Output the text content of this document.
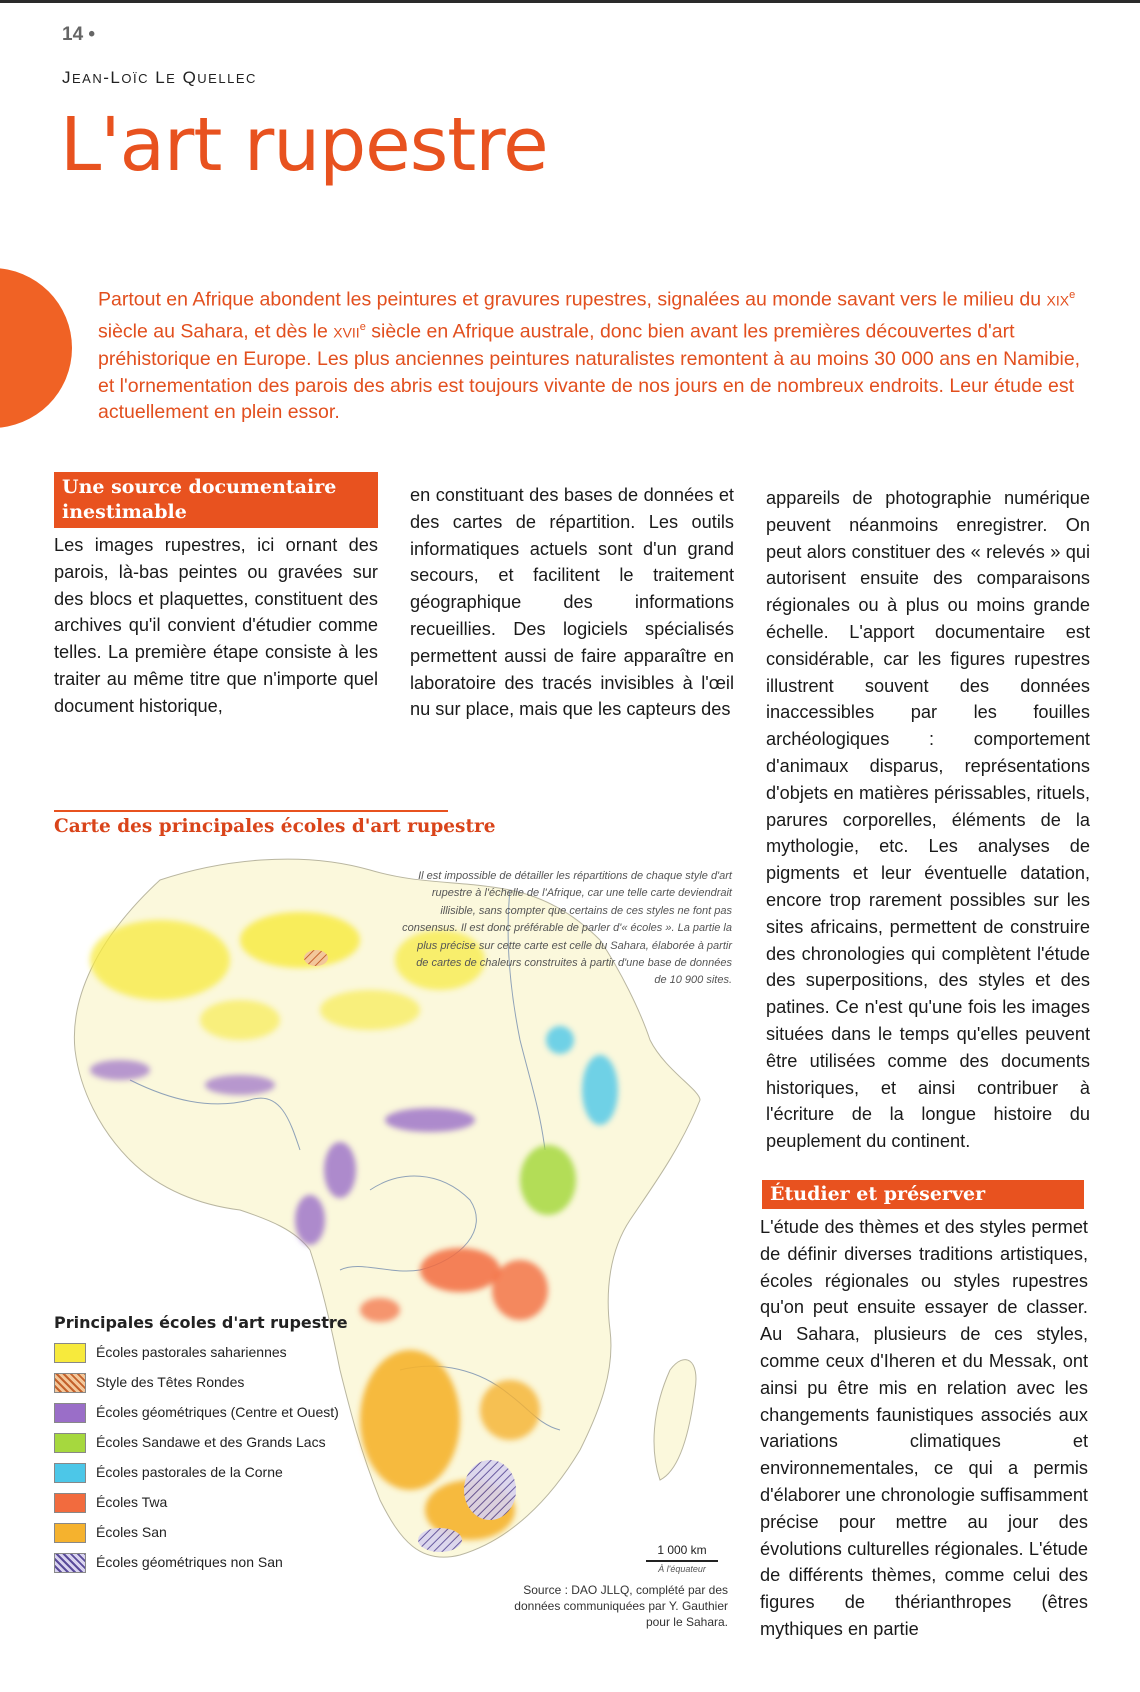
14 •
JEAN-LOÏC LE QUELLEC
L'art rupestre

Partout en Afrique abondent les peintures et gravures rupestres, signalées au monde savant vers le milieu du XIXe siècle au Sahara, et dès le XVIIe siècle en Afrique australe, donc bien avant les premières découvertes d'art préhistorique en Europe. Les plus anciennes peintures naturalistes remontent à au moins 30 000 ans en Namibie, et l'ornementation des parois des abris est toujours vivante de nos jours en de nombreux endroits. Leur étude est actuellement en plein essor.

Une source documentaire inestimable

Les images rupestres, ici ornant des parois, là-bas peintes ou gravées sur des blocs et plaquettes, constituent des archives qu'il convient d'étudier comme telles. La première étape consiste à les traiter au même titre que n'importe quel document historique,

en constituant des bases de données et des cartes de répartition. Les outils informatiques actuels sont d'un grand secours, et facilitent le traitement géographique des informations recueillies. Des logiciels spécialisés permettent aussi de faire apparaître en laboratoire des tracés invisibles à l'œil nu sur place, mais que les capteurs des

appareils de photographie numérique peuvent néanmoins enregistrer. On peut alors constituer des « relevés » qui autorisent ensuite des comparaisons régionales ou à plus ou moins grande échelle. L'apport documentaire est considérable, car les figures rupestres illustrent souvent des données inaccessibles par les fouilles archéologiques : comportement d'animaux disparus, représentations d'objets en matières périssables, rituels, parures corporelles, éléments de la mythologie, etc. Les analyses de pigments et leur éventuelle datation, encore trop rarement possibles sur les sites africains, permettent de construire des chronologies qui complètent l'étude des superpositions, des styles et des patines. Ce n'est qu'une fois les images situées dans le temps qu'elles peuvent être utilisées comme des documents historiques, et ainsi contribuer à l'écriture de la longue histoire du peuplement du continent.

Étudier et préserver

L'étude des thèmes et des styles permet de définir diverses traditions artistiques, écoles régionales ou styles rupestres qu'on peut ensuite essayer de classer. Au Sahara, plusieurs de ces styles, comme ceux d'Iheren et du Messak, ont ainsi pu être mis en relation avec les changements faunistiques associés aux variations climatiques et environnementales, ce qui a permis d'élaborer une chronologie suffisamment précise pour mettre au jour des évolutions culturelles régionales. L'étude de différents thèmes, comme celui des figures de thérianthropes (êtres mythiques en partie

Carte des principales écoles d'art rupestre

Il est impossible de détailler les répartitions de chaque style d'art rupestre à l'échelle de l'Afrique, car une telle carte deviendrait illisible, sans compter que certains de ces styles ne font pas consensus. Il est donc préférable de parler d'« écoles ». La partie la plus précise sur cette carte est celle du Sahara, élaborée à partir de cartes de chaleurs construites à partir d'une base de données de 10 900 sites.

Principales écoles d'art rupestre

Écoles pastorales sahariennes
Style des Têtes Rondes
Écoles géométriques (Centre et Ouest)
Écoles Sandawe et des Grands Lacs
Écoles pastorales de la Corne
Écoles Twa
Écoles San
Écoles géométriques non San
1 000 km
À l'équateur

Source : DAO JLLQ, complété par des données communiquées par Y. Gauthier pour le Sahara.
